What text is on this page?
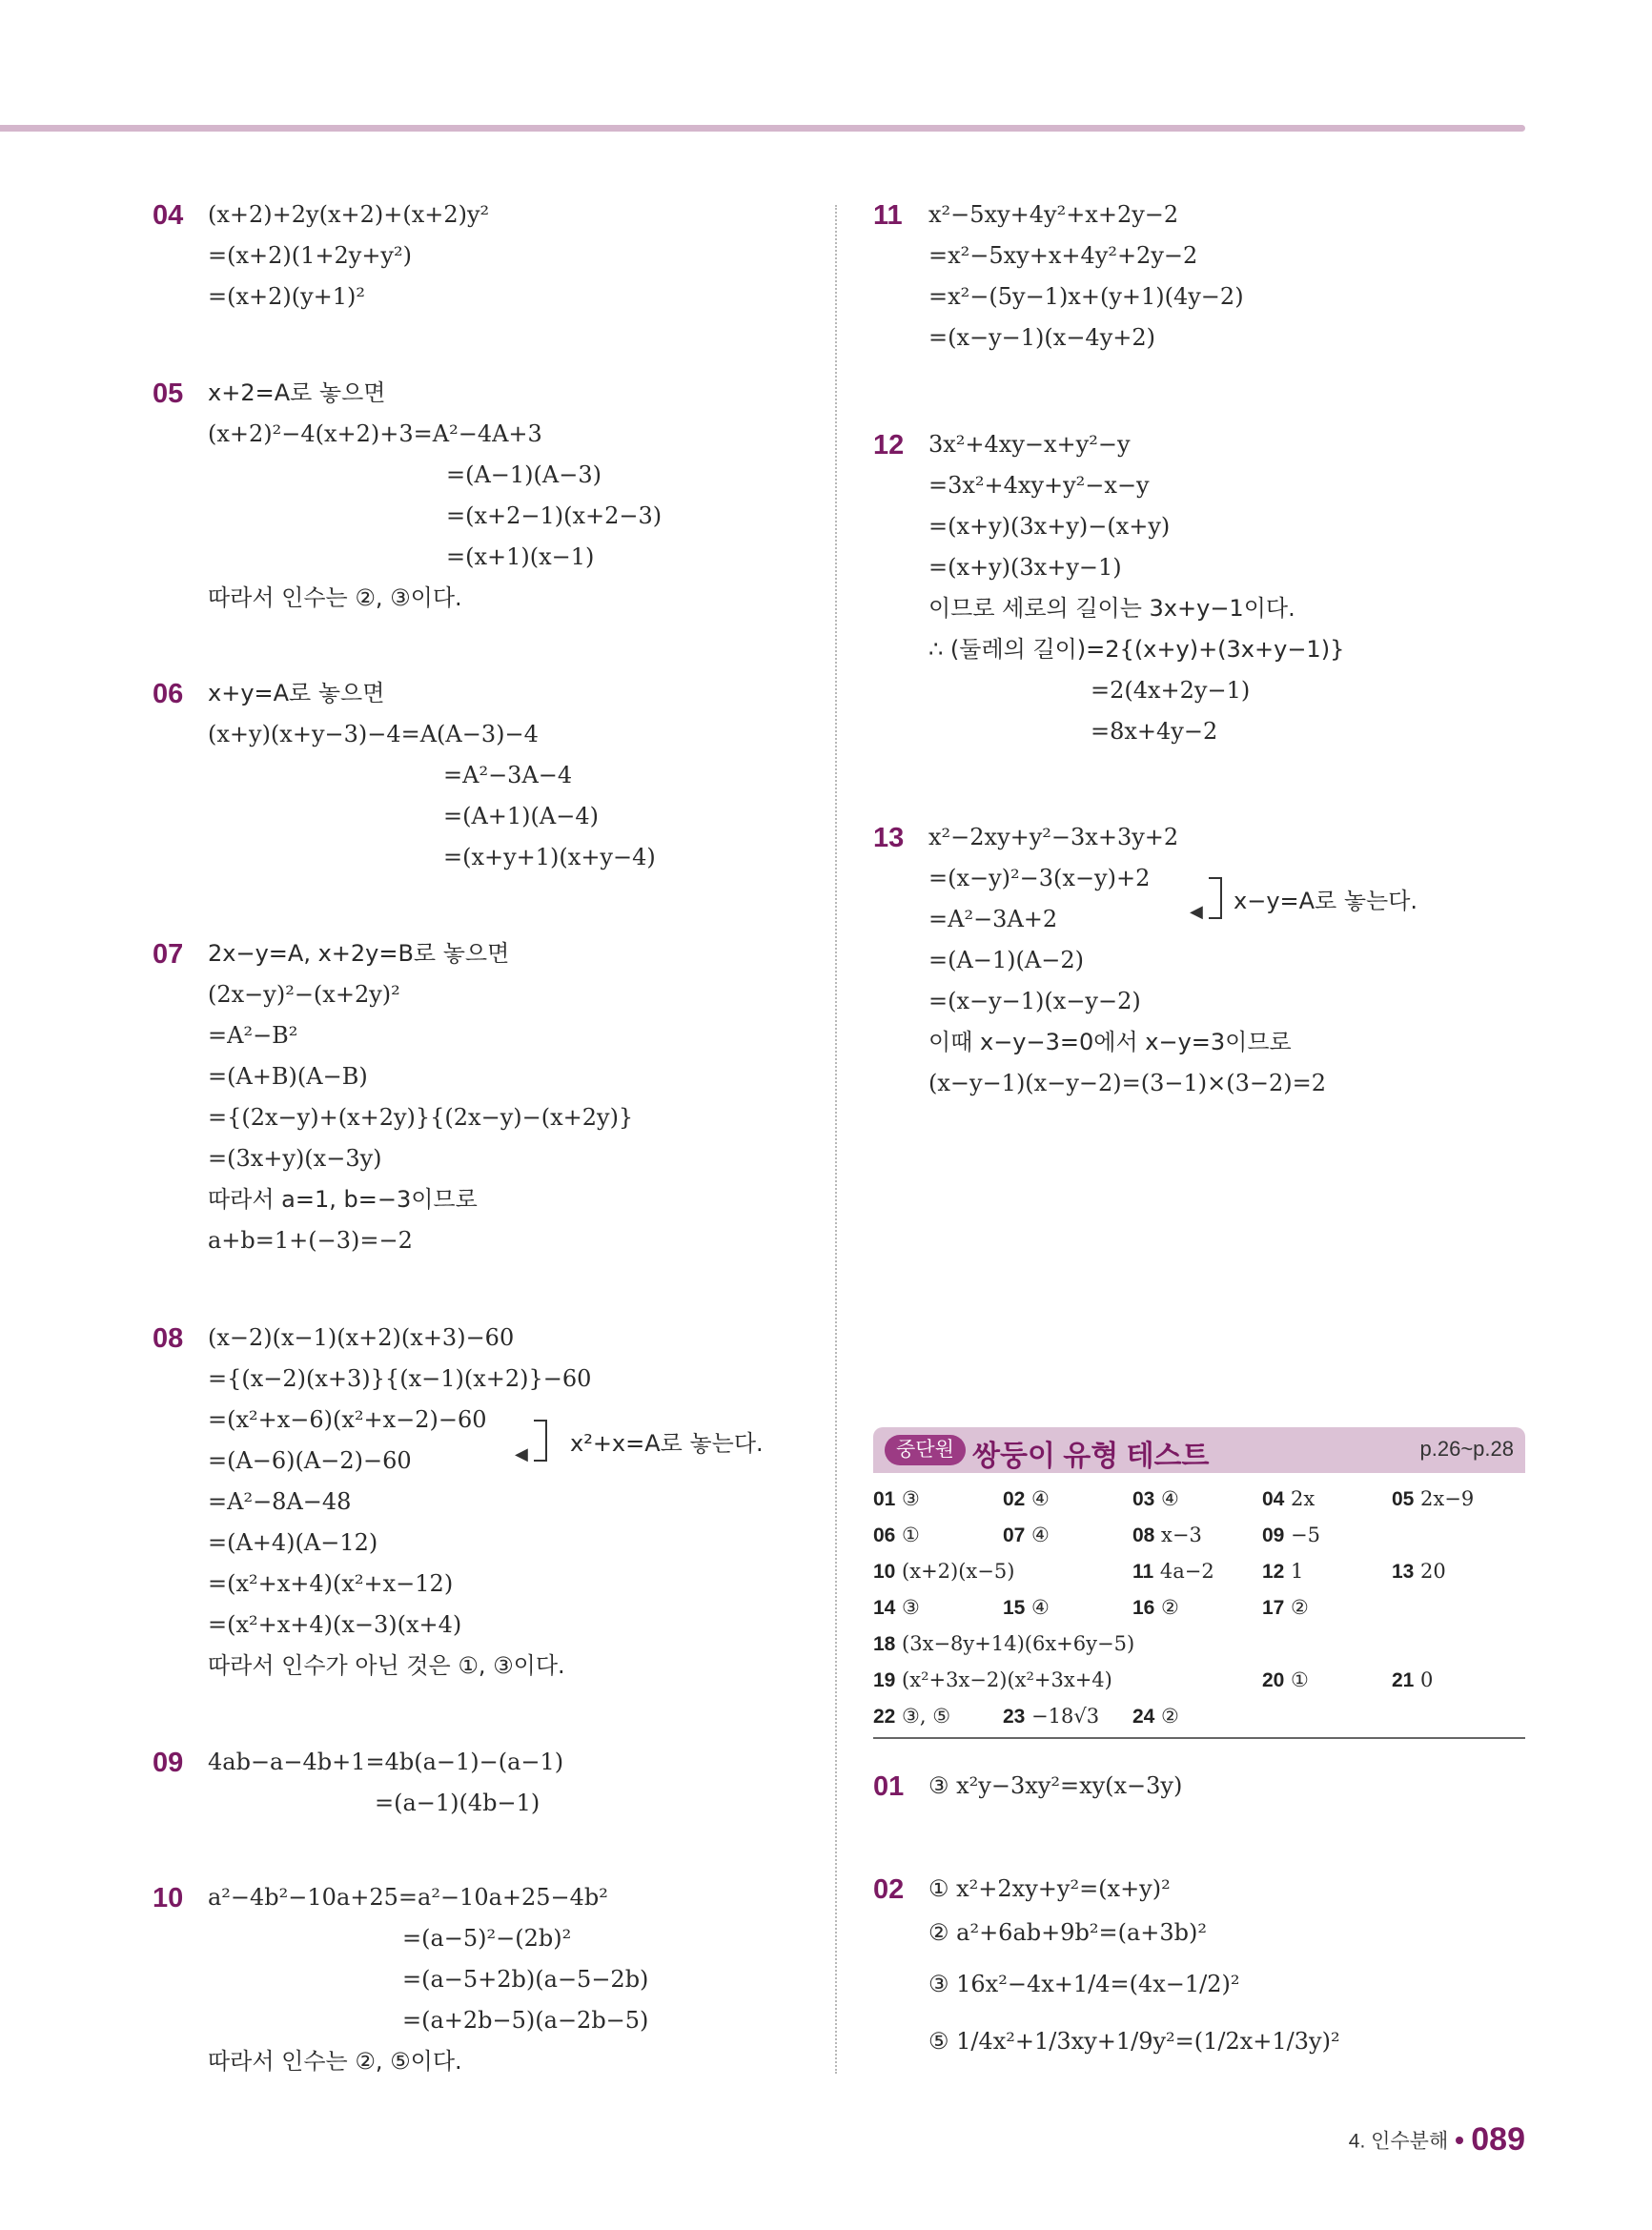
04 (x+2)+2y(x+2)+(x+2)y²
=(x+2)(1+2y+y²)
=(x+2)(y+1)²
05 x+2=A로 놓으면
(x+2)²−4(x+2)+3=A²−4A+3
=(A−1)(A−3)
=(x+2−1)(x+2−3)
=(x+1)(x−1)
따라서 인수는 ②, ③이다.
06 x+y=A로 놓으면
(x+y)(x+y−3)−4=A(A−3)−4
=A²−3A−4
=(A+1)(A−4)
=(x+y+1)(x+y−4)
07 2x−y=A, x+2y=B로 놓으면
(2x−y)²−(x+2y)²
=A²−B²
=(A+B)(A−B)
={(2x−y)+(x+2y)}{(2x−y)−(x+2y)}
=(3x+y)(x−3y)
따라서 a=1, b=−3이므로
a+b=1+(−3)=−2
08 (x−2)(x−1)(x+2)(x+3)−60
={(x−2)(x+3)}{(x−1)(x+2)}−60
=(x²+x−6)(x²+x−2)−60
=(A−6)(A−2)−60
=A²−8A−48
=(A+4)(A−12)
=(x²+x+4)(x²+x−12)
=(x²+x+4)(x−3)(x+4)
따라서 인수가 아닌 것은 ①, ③이다.
◀ x²+x=A로 놓는다.
09 4ab−a−4b+1=4b(a−1)−(a−1)
=(a−1)(4b−1)
10 a²−4b²−10a+25=a²−10a+25−4b²
=(a−5)²−(2b)²
=(a−5+2b)(a−5−2b)
=(a+2b−5)(a−2b−5)
따라서 인수는 ②, ⑤이다.
11 x²−5xy+4y²+x+2y−2
=x²−5xy+x+4y²+2y−2
=x²−(5y−1)x+(y+1)(4y−2)
=(x−y−1)(x−4y+2)
12 3x²+4xy−x+y²−y
=3x²+4xy+y²−x−y
=(x+y)(3x+y)−(x+y)
=(x+y)(3x+y−1)
이므로 세로의 길이는 3x+y−1이다.
∴ (둘레의 길이)=2{(x+y)+(3x+y−1)}
=2(4x+2y−1)
=8x+4y−2
13 x²−2xy+y²−3x+3y+2
=(x−y)²−3(x−y)+2
=A²−3A+2
=(A−1)(A−2)
=(x−y−1)(x−y−2)
이때 x−y−3=0에서 x−y=3이므로
(x−y−1)(x−y−2)=(3−1)×(3−2)=2
◀ x−y=A로 놓는다.
중단원 쌍둥이 유형 테스트	p.26~p.28
01 ③	02 ④	03 ④	04 2x	05 2x−9
06 ①	07 ④	08 x−3	09 −5
10 (x+2)(x−5)	11 4a−2 12 1	13 20
14 ③	15 ④	16 ②	17 ②
18 (3x−8y+14)(6x+6y−5)
19 (x²+3x−2)(x²+3x+4)	20 ①	21 0
22 ③, ⑤	23 −18√3 24 ②
01 ③ x²y−3xy²=xy(x−3y)
02 ① x²+2xy+y²=(x+y)²
② a²+6ab+9b²=(a+3b)²
③ 16x²−4x+1/4=(4x−1/2)²
⑤ 1/4x²+1/3xy+1/9y²=(1/2x+1/3y)²
4. 인수분해 089
